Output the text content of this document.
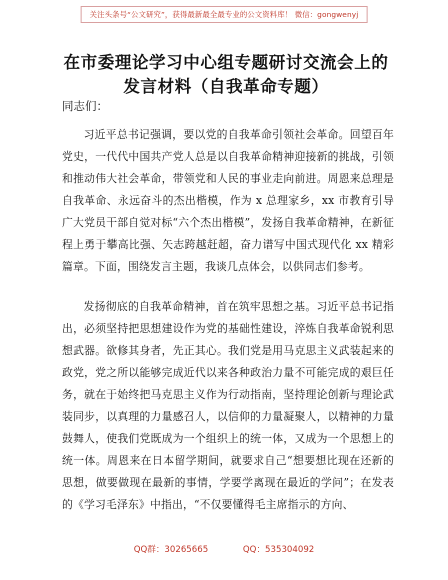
关注头条号“公文研究”，获得最新最全最专业的公文资料库！ 微信：gongwenyj
在市委理论学习中心组专题研讨交流会上的发言材料（自我革命专题）
同志们：

习近平总书记强调，要以党的自我革命引领社会革命。回望百年党史，一代代中国共产党人总是以自我革命精神迎接新的挑战，引领和推动伟大社会革命，带领党和人民的事业走向前进。周恩来总理是自我革命、永远奋斗的杰出楷模，作为 x 总理家乡，xx 市教育引导广大党员干部自觉对标“六个杰出楷模”，发扬自我革命精神，在新征程上勇于攀高比强、矢志跨越赶超，奋力谱写中国式现代化 xx 精彩篇章。下面，围绕发言主题，我谈几点体会，以供同志们参考。

发扬彻底的自我革命精神，首在筑牢思想之基。习近平总书记指出，必须坚持把思想建设作为党的基础性建设，淬炼自我革命锐利思想武器。欲修其身者，先正其心。我们党是用马克思主义武装起来的政党，党之所以能够完成近代以来各种政治力量不可能完成的艰巨任务，就在于始终把马克思主义作为行动指南，坚持理论创新与理论武装同步，以真理的力量感召人，以信仰的力量凝聚人，以精神的力量鼓舞人，使我们党既成为一个组织上的统一体，又成为一个思想上的统一体。周恩来在日本留学期间，就要求自己“想要想比现在还新的思想，做要做现在最新的事情，学要学离现在最近的学问”；在发表的《学习毛泽东》中指出，“不仅要懂得毛主席指示的方向、

QQ群：30265665	QQ：535304092
